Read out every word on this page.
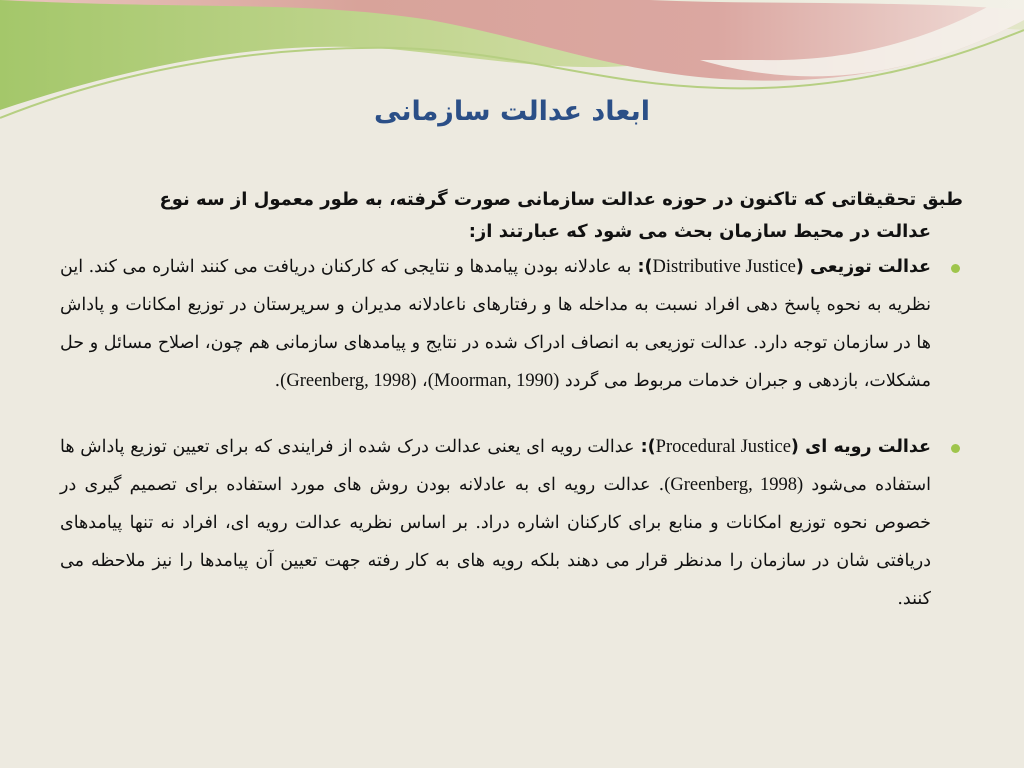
ابعاد عدالت سازمانی

طبق تحقیقاتی که تاکنون در حوزه عدالت سازمانی صورت گرفته، به طور معمول از سه نوع
عدالت در محیط سازمان بحث می شود که عبارتند از:

عدالت توزیعی (Distributive Justice): به عادلانه بودن پیامدها و نتایجی که کارکنان دریافت می کنند اشاره می کند. این نظریه به نحوه پاسخ دهی افراد نسبت به مداخله ها و رفتارهای ناعادلانه مدیران و سرپرستان در توزیع امکانات و پاداش ها در سازمان توجه دارد. عدالت توزیعی به انصاف ادراک شده در نتایج و پیامدهای سازمانی هم چون، اصلاح مسائل و حل مشکلات، بازدهی و جبران خدمات مربوط می گردد (Moorman, 1990)، (Greenberg, 1998).

عدالت رویه ای (Procedural Justice): عدالت رویه ای یعنی عدالت درک شده از فرایندی که برای تعیین توزیع پاداش ها استفاده می‌شود (Greenberg, 1998). عدالت رویه ای به عادلانه بودن روش های مورد استفاده برای تصمیم گیری در خصوص نحوه توزیع امکانات و منابع برای کارکنان اشاره دراد. بر اساس نظریه عدالت رویه ای، افراد نه تنها پیامدهای دریافتی شان در سازمان را مدنظر قرار می دهند بلکه رویه های به کار رفته جهت تعیین آن پیامدها را نیز ملاحظه می کنند.
